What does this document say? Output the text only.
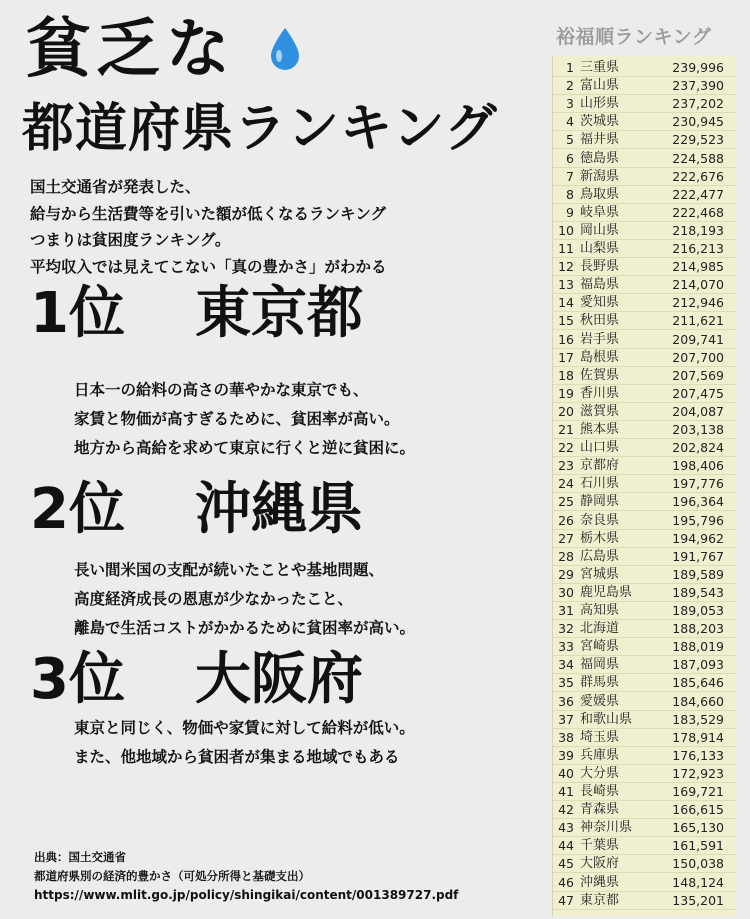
貧乏な
都道府県ランキング
国土交通省が発表した、
給与から生活費等を引いた額が低くなるランキング
つまりは貧困度ランキング。
平均収入では見えてこない「真の豊かさ」がわかる
1位 東京都
日本一の給料の高さの華やかな東京でも、
家賃と物価が高すぎるために、貧困率が高い。
地方から高給を求めて東京に行くと逆に貧困に。
2位 沖縄県
長い間米国の支配が続いたことや基地問題、
高度経済成長の恩恵が少なかったこと、
離島で生活コストがかかるために貧困率が高い。
3位 大阪府
東京と同じく、物価や家賃に対して給料が低い。
また、他地域から貧困者が集まる地域でもある
出典：国土交通省
都道府県別の経済的豊かさ（可処分所得と基礎支出）
https://www.mlit.go.jp/policy/shingikai/content/001389727.pdf
裕福順ランキング
1 三重県	239,996
2 富山県	237,390
3 山形県	237,202
4 茨城県	230,945
5 福井県	229,523
6 徳島県	224,588
7 新潟県	222,676
8 鳥取県	222,477
9 岐阜県	222,468
10 岡山県	218,193
11 山梨県	216,213
12 長野県	214,985
13 福島県	214,070
14 愛知県	212,946
15 秋田県	211,621
16 岩手県	209,741
17 島根県	207,700
18 佐賀県	207,569
19 香川県	207,475
20 滋賀県	204,087
21 熊本県	203,138
22 山口県	202,824
23 京都府	198,406
24 石川県	197,776
25 静岡県	196,364
26 奈良県	195,796
27 栃木県	194,962
28 広島県	191,767
29 宮城県	189,589
30 鹿児島県	189,543
31 高知県	189,053
32 北海道	188,203
33 宮崎県	188,019
34 福岡県	187,093
35 群馬県	185,646
36 愛媛県	184,660
37 和歌山県	183,529
38 埼玉県	178,914
39 兵庫県	176,133
40 大分県	172,923
41 長崎県	169,721
42 青森県	166,615
43 神奈川県	165,130
44 千葉県	161,591
45 大阪府	150,038
46 沖縄県	148,124
47 東京都	135,201
